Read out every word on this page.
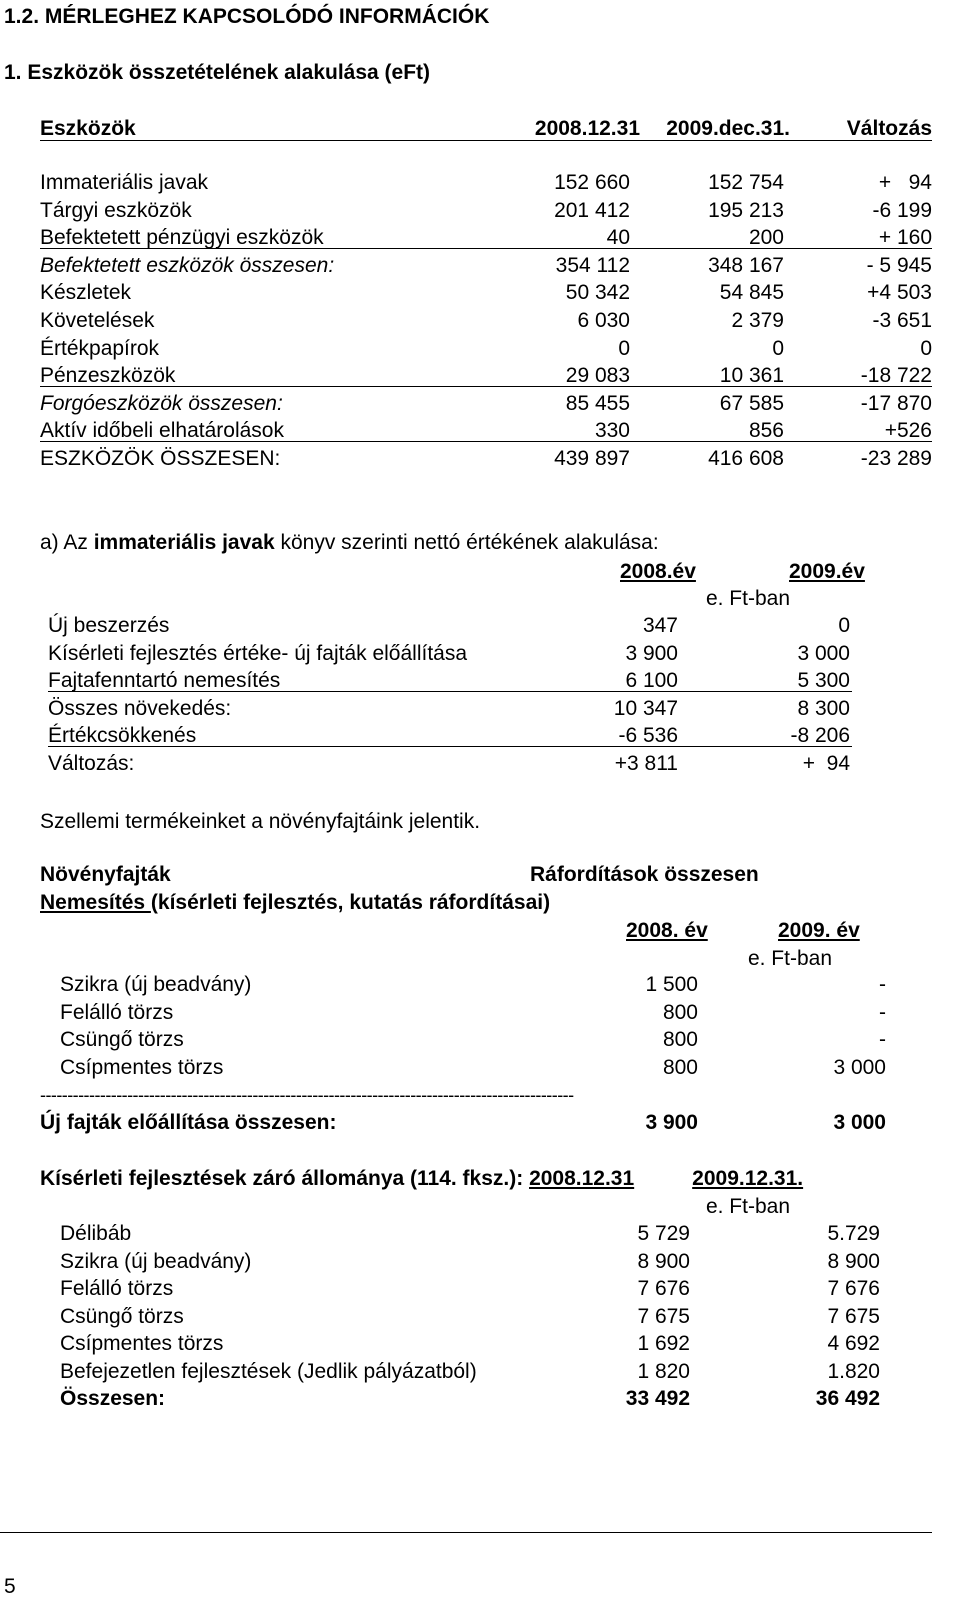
1.2. MÉRLEGHEZ KAPCSOLÓDÓ INFORMÁCIÓK
1. Eszközök összetételének alakulása (eFt)
Eszközök	2008.12.31 2009.dec.31.	Változás
Immateriális javak	152 660	152 754	+   94
Tárgyi eszközök	201 412	195 213	-6 199
Befektetett pénzügyi eszközök	40	200	+ 160
Befektetett eszközök összesen:	354 112	348 167	- 5 945
Készletek	50 342	54 845	+4 503
Követelések	6 030	2 379	-3 651
Értékpapírok	0	0	0
Pénzeszközök	29 083	10 361	-18 722
Forgóeszközök összesen:	85 455	67 585	-17 870
Aktív időbeli elhatárolások	330	856	+526
ESZKÖZÖK ÖSSZESEN:	439 897	416 608	-23 289
a) Az immateriális javak könyv szerinti nettó értékének alakulása:
2008.év	2009.év
e. Ft-ban
Új beszerzés	347	0
Kísérleti fejlesztés értéke- új fajták előállítása	3 900	3 000
Fajtafenntartó nemesítés	6 100	5 300
Összes növekedés:	10 347	8 300
Értékcsökkenés	-6 536	-8 206
Változás:	+3 811	+  94
Szellemi termékeinket a növényfajtáink jelentik.
Növényfajták	Ráfordítások összesen
Nemesítés (kísérleti fejlesztés, kutatás ráfordításai)
2008. év	2009. év
e. Ft-ban
Szikra (új beadvány)	1 500	-
Felálló törzs	800	-
Csüngő törzs	800	-
Csípmentes törzs	800	3 000
--------------------------------------------------------------------------------------------------
Új fajták előállítása összesen:	3 900	3 000
Kísérleti fejlesztések záró állománya (114. fksz.): 2008.12.31	2009.12.31.
e. Ft-ban
Délibáb	5 729	5.729
Szikra (új beadvány)	8 900	8 900
Felálló törzs	7 676	7 676
Csüngő törzs	7 675	7 675
Csípmentes törzs	1 692	4 692
Befejezetlen fejlesztések (Jedlik pályázatból)	1 820	1.820
Összesen:	33 492	36 492
5
